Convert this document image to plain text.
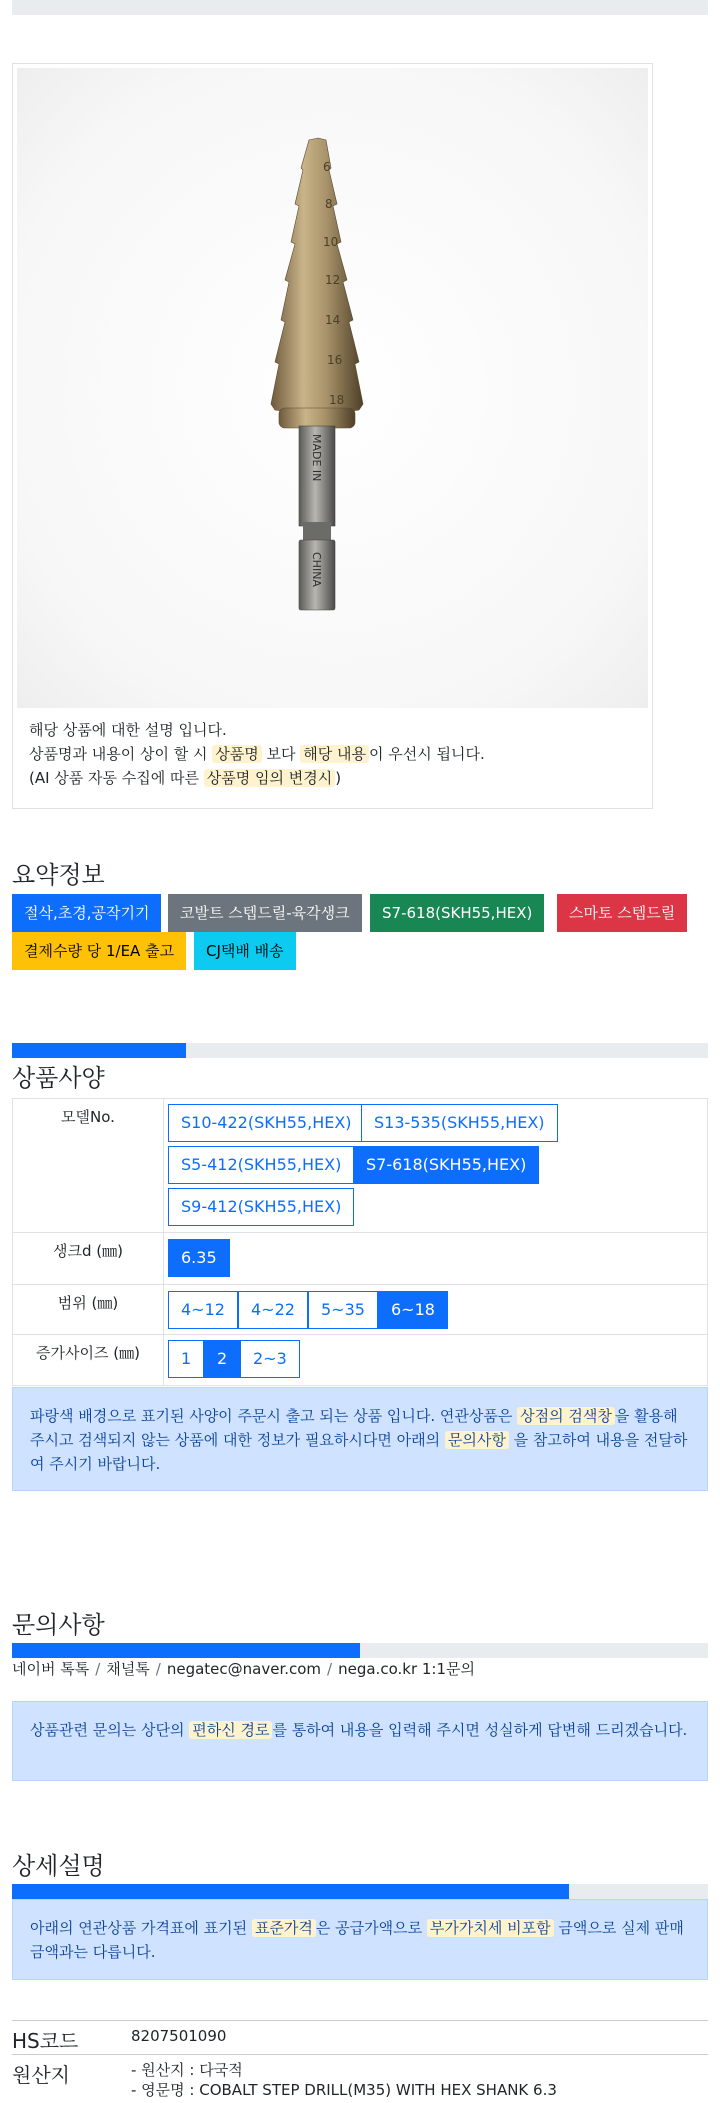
6
8
10
12
14
16
18
MADE IN
CHINA
해당 상품에 대한 설명 입니다.
상품명과 내용이 상이 할 시 상품명 보다 해당 내용 이 우선시 됩니다.
(AI 상품 자동 수집에 따른 상품명 임의 변경시 )
요약정보
절삭,초경,공작기기	코발트 스텝드릴-육각생크	S7-618(SKH55,HEX)	스마토 스텝드릴
결제수량 당 1/EA 출고	CJ택배 배송
상품사양
모델No.	S10-422(SKH55,HEX)	S13-535(SKH55,HEX)
S5-412(SKH55,HEX)	S7-618(SKH55,HEX)
S9-412(SKH55,HEX)
생크d (㎜)	6.35
범위 (㎜)	4~12	4~22	5~35	6~18
증가사이즈 (㎜)	1	2	2~3
파랑색 배경으로 표기된 사양이 주문시 출고 되는 상품 입니다. 연관상품은 상점의 검색창 을 활용해 주시고 검색되지 않는 상품에 대한 정보가 필요하시다면 아래의 문의사항 을 참고하여 내용을 전달하여 주시기 바랍니다.
문의사항
네이버 톡톡 / 채널톡 / negatec@naver.com / nega.co.kr 1:1문의
상품관련 문의는 상단의 편하신 경로 를 통하여 내용을 입력해 주시면 성실하게 답변해 드리겠습니다.
상세설명
아래의 연관상품 가격표에 표기된 표준가격 은 공급가액으로 부가가치세 비포함 금액으로 실제 판매금액과는 다릅니다.
HS코드	8207501090
원산지	- 원산지 : 다국적
- 영문명 : COBALT STEP DRILL(M35) WITH HEX SHANK 6.3
